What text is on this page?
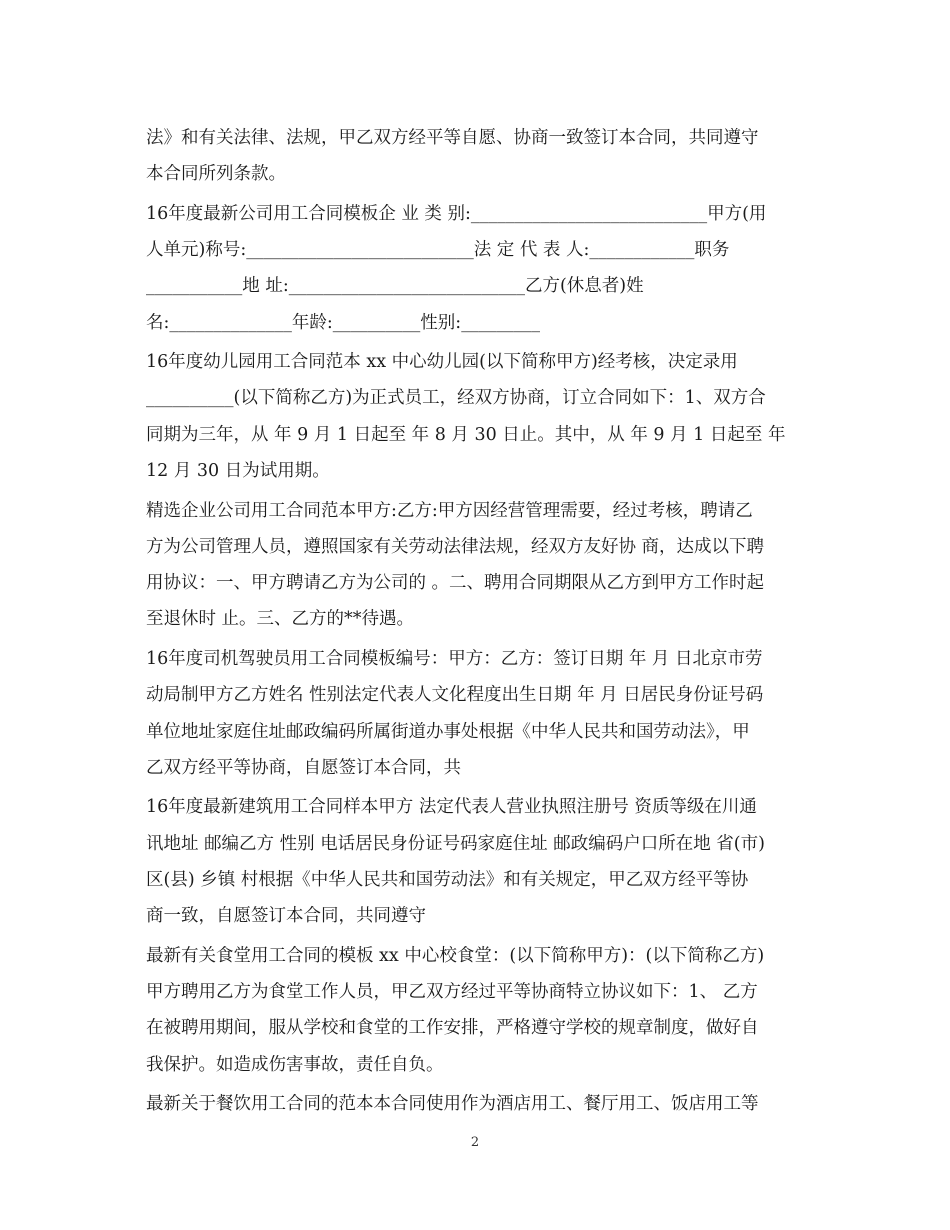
法》和有关法律、法规，甲乙双方经平等自愿、协商一致签订本合同，共同遵守
本合同所列条款。
16年度最新公司用工合同模板企 业 类 别:___________________________甲方(用
人单元)称号:__________________________法 定 代 表 人:____________职务
___________地 址:___________________________乙方(休息者)姓
名:______________年龄:__________性别:_________
16年度幼儿园用工合同范本 xx 中心幼儿园(以下简称甲方)经考核，决定录用
__________(以下简称乙方)为正式员工，经双方协商，订立合同如下：1、双方合
同期为三年，从 年 9 月 1 日起至 年 8 月 30 日止。其中，从 年 9 月 1 日起至 年
12 月 30 日为试用期。
精选企业公司用工合同范本甲方:乙方:甲方因经营管理需要，经过考核，聘请乙
方为公司管理人员，遵照国家有关劳动法律法规，经双方友好协 商，达成以下聘
用协议：一、甲方聘请乙方为公司的 。二、聘用合同期限从乙方到甲方工作时起
至退休时 止。三、乙方的**待遇。
16年度司机驾驶员用工合同模板编号：甲方：乙方：签订日期 年 月 日北京市劳
动局制甲方乙方姓名 性别法定代表人文化程度出生日期 年 月 日居民身份证号码
单位地址家庭住址邮政编码所属街道办事处根据《中华人民共和国劳动法》，甲
乙双方经平等协商，自愿签订本合同，共
16年度最新建筑用工合同样本甲方 法定代表人营业执照注册号 资质等级在川通
讯地址 邮编乙方 性别 电话居民身份证号码家庭住址 邮政编码户口所在地 省(市)
区(县) 乡镇 村根据《中华人民共和国劳动法》和有关规定，甲乙双方经平等协
商一致，自愿签订本合同，共同遵守
最新有关食堂用工合同的模板 xx 中心校食堂：(以下简称甲方)：(以下简称乙方)
甲方聘用乙方为食堂工作人员，甲乙双方经过平等协商特立协议如下：1、 乙方
在被聘用期间，服从学校和食堂的工作安排，严格遵守学校的规章制度，做好自
我保护。如造成伤害事故，责任自负。
最新关于餐饮用工合同的范本本合同使用作为酒店用工、餐厅用工、饭店用工等
2
